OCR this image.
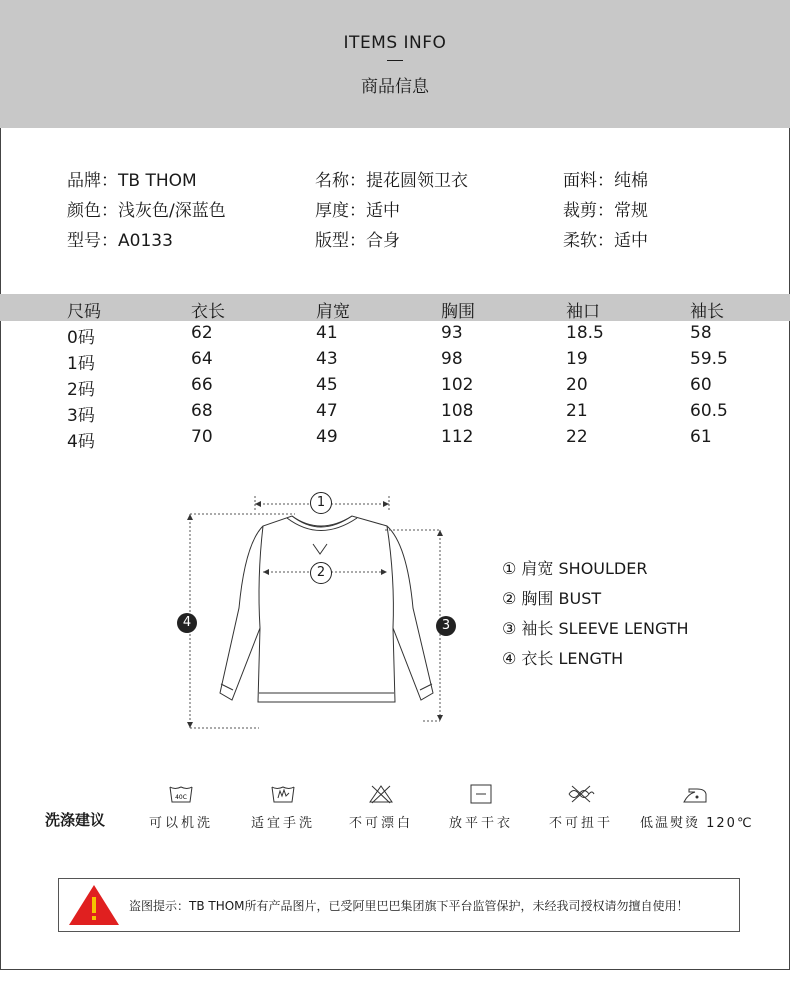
ITEMS INFO
商品信息
品牌：TB THOM	名称：提花圆领卫衣	面料：纯棉
颜色：浅灰色/深蓝色	厚度：适中	裁剪：常规
型号：A0133	版型：合身	柔软：适中
尺码	衣长	肩宽	胸围	袖口	袖长
0码	62	41	93	18.5	58
1码	64	43	98	19	59.5
2码	66	45	102	20	60
3码	68	47	108	21	60.5
4码	70	49	112	22	61
1
2
3
4
① 肩宽 SHOULDER
② 胸围 BUST
③ 袖长 SLEEVE LENGTH
④ 衣长 LENGTH
洗涤建议
40C
可以机洗	适宜手洗	不可漂白	放平干衣	不可扭干	低温熨烫 120℃
盗图提示：TB THOM所有产品图片，已受阿里巴巴集团旗下平台监管保护，未经我司授权请勿擅自使用！
